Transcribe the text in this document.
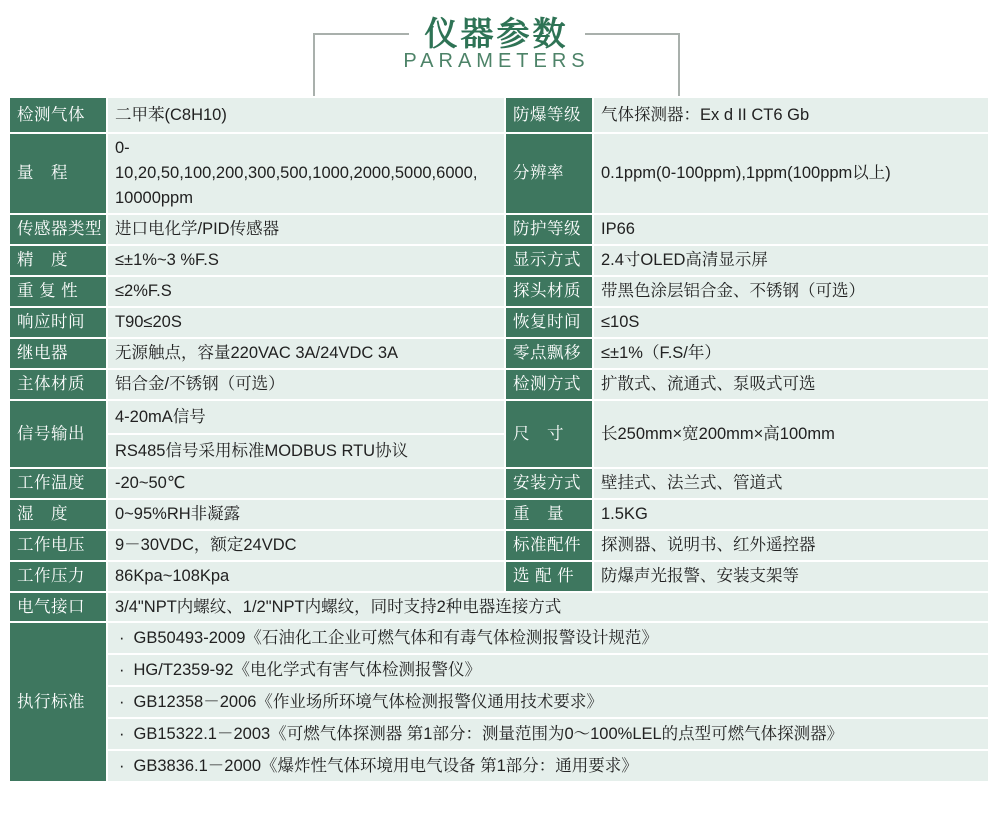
仪器参数
PARAMETERS
检测气体	二甲苯(C8H10)	防爆等级	气体探测器：Ex d II CT6 Gb
量　程	0-
10,20,50,100,200,300,500,1000,2000,5000,6000,
10000ppm	分辨率	0.1ppm(0-100ppm),1ppm(100ppm以上)
传感器类型	进口电化学/PID传感器	防护等级	IP66
精　度	≤±1%~3 %F.S	显示方式	2.4寸OLED高清显示屏
重 复 性	≤2%F.S	探头材质	带黑色涂层铝合金、不锈钢（可选）
响应时间	T90≤20S	恢复时间	≤10S
继电器	无源触点，容量220VAC 3A/24VDC 3A	零点飘移	≤±1%（F.S/年）
主体材质	铝合金/不锈钢（可选）	检测方式	扩散式、流通式、泵吸式可选
信号输出	4-20mA信号	尺　寸	长250mm×宽200mm×高100mm
	RS485信号采用标准MODBUS RTU协议		
工作温度	-20~50℃	安装方式	壁挂式、法兰式、管道式
湿　度	0~95%RH非凝露	重　量	1.5KG
工作电压	9－30VDC，额定24VDC	标准配件	探测器、说明书、红外遥控器
工作压力	86Kpa~108Kpa	选 配 件	防爆声光报警、安装支架等
电气接口	3/4"NPT内螺纹、1/2"NPT内螺纹，同时支持2种电器连接方式		
执行标准	· GB50493-2009《石油化工企业可燃气体和有毒气体检测报警设计规范》		
	· HG/T2359-92《电化学式有害气体检测报警仪》		
	· GB12358－2006《作业场所环境气体检测报警仪通用技术要求》		
	· GB15322.1－2003《可燃气体探测器 第1部分：测量范围为0～100%LEL的点型可燃气体探测器》		
	· GB3836.1－2000《爆炸性气体环境用电气设备 第1部分：通用要求》		
